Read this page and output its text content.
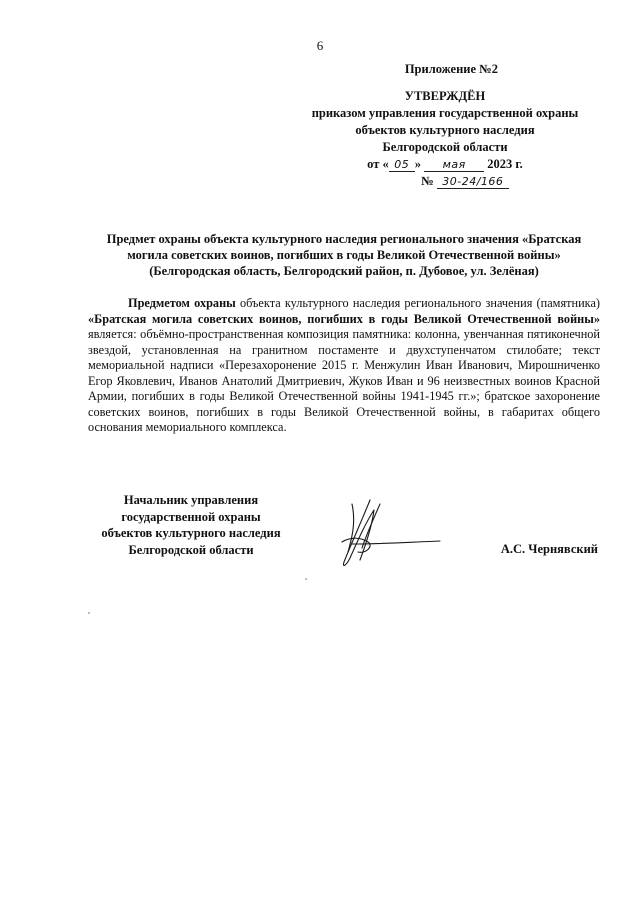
6
Приложение №2
УТВЕРЖДЁН
приказом управления государственной охраны
объектов культурного наследия
Белгородской области
от « 05 » мая 2023 г.
№ 30-24/166
Предмет охраны объекта культурного наследия регионального значения «Братская могила советских воинов, погибших в годы Великой Отечественной войны» (Белгородская область, Белгородский район, п. Дубовое, ул. Зелёная)
Предметом охраны объекта культурного наследия регионального значения (памятника) «Братская могила советских воинов, погибших в годы Великой Отечественной войны» является: объёмно-пространственная композиция памятника: колонна, увенчанная пятиконечной звездой, установленная на гранитном постаменте и двухступенчатом стилобате; текст мемориальной надписи «Перезахоронение 2015 г. Менжулин Иван Иванович, Мирошниченко Егор Яковлевич, Иванов Анатолий Дмитриевич, Жуков Иван и 96 неизвестных воинов Красной Армии, погибших в годы Великой Отечественной войны 1941-1945 гг.»; братское захоронение советских воинов, погибших в годы Великой Отечественной войны, в габаритах общего основания мемориального комплекса.
Начальник управления
государственной охраны
объектов культурного наследия
Белгородской области	А.С. Чернявский
